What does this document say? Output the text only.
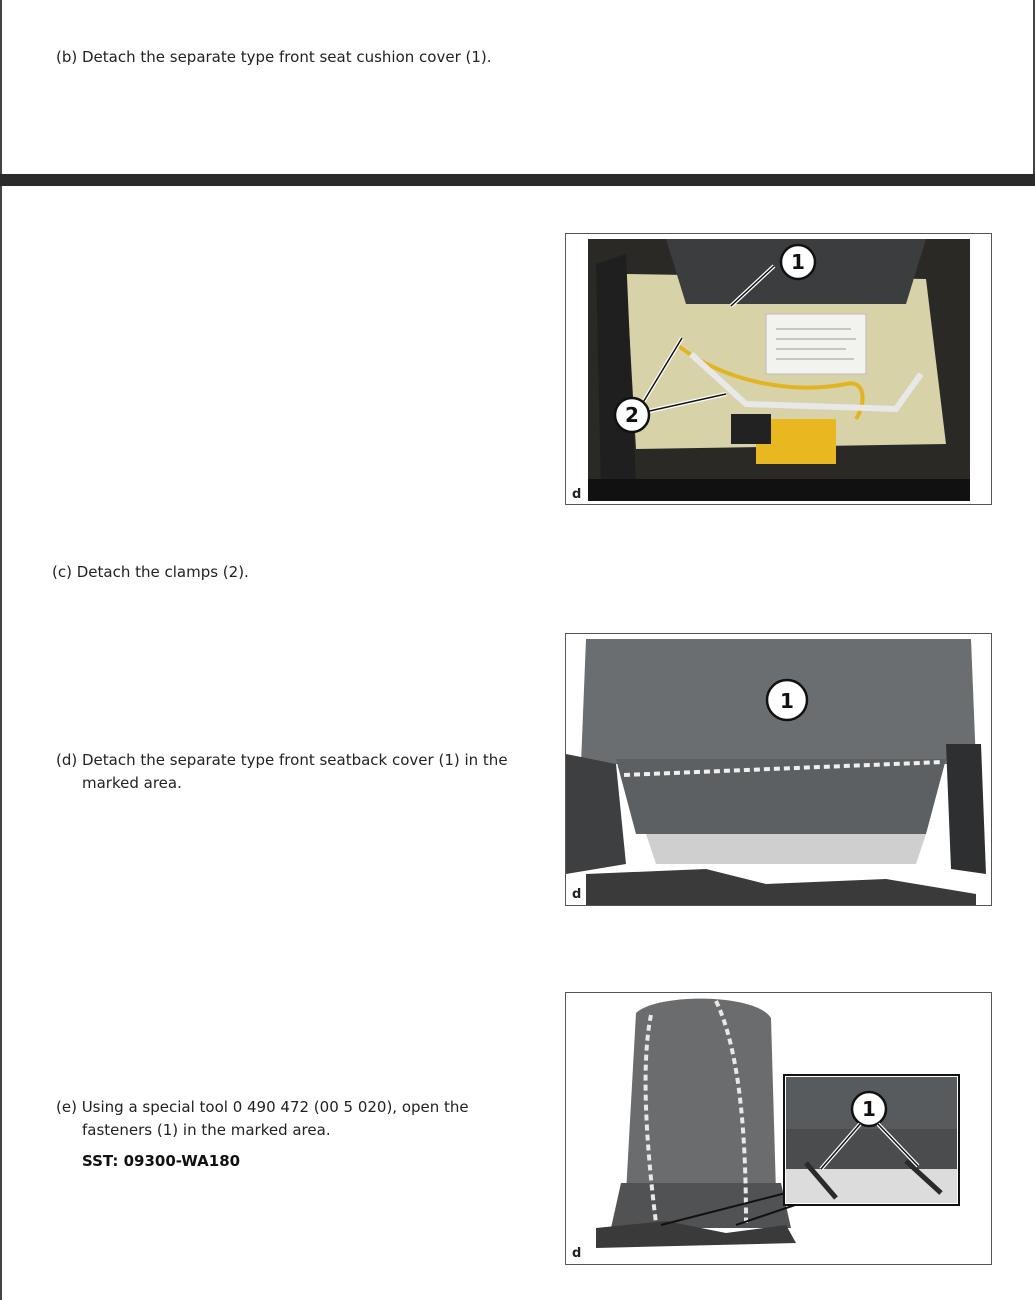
(b) Detach the separate type front seat cushion cover (1).
(c) Detach the clamps (2).
(d) Detach the separate type front seatback cover (1) in the
marked area.
(e) Using a special tool 0 490 472 (00 5 020), open the
fasteners (1) in the marked area.
SST: 09300-WA180
1
2
d
1
d
1
d
